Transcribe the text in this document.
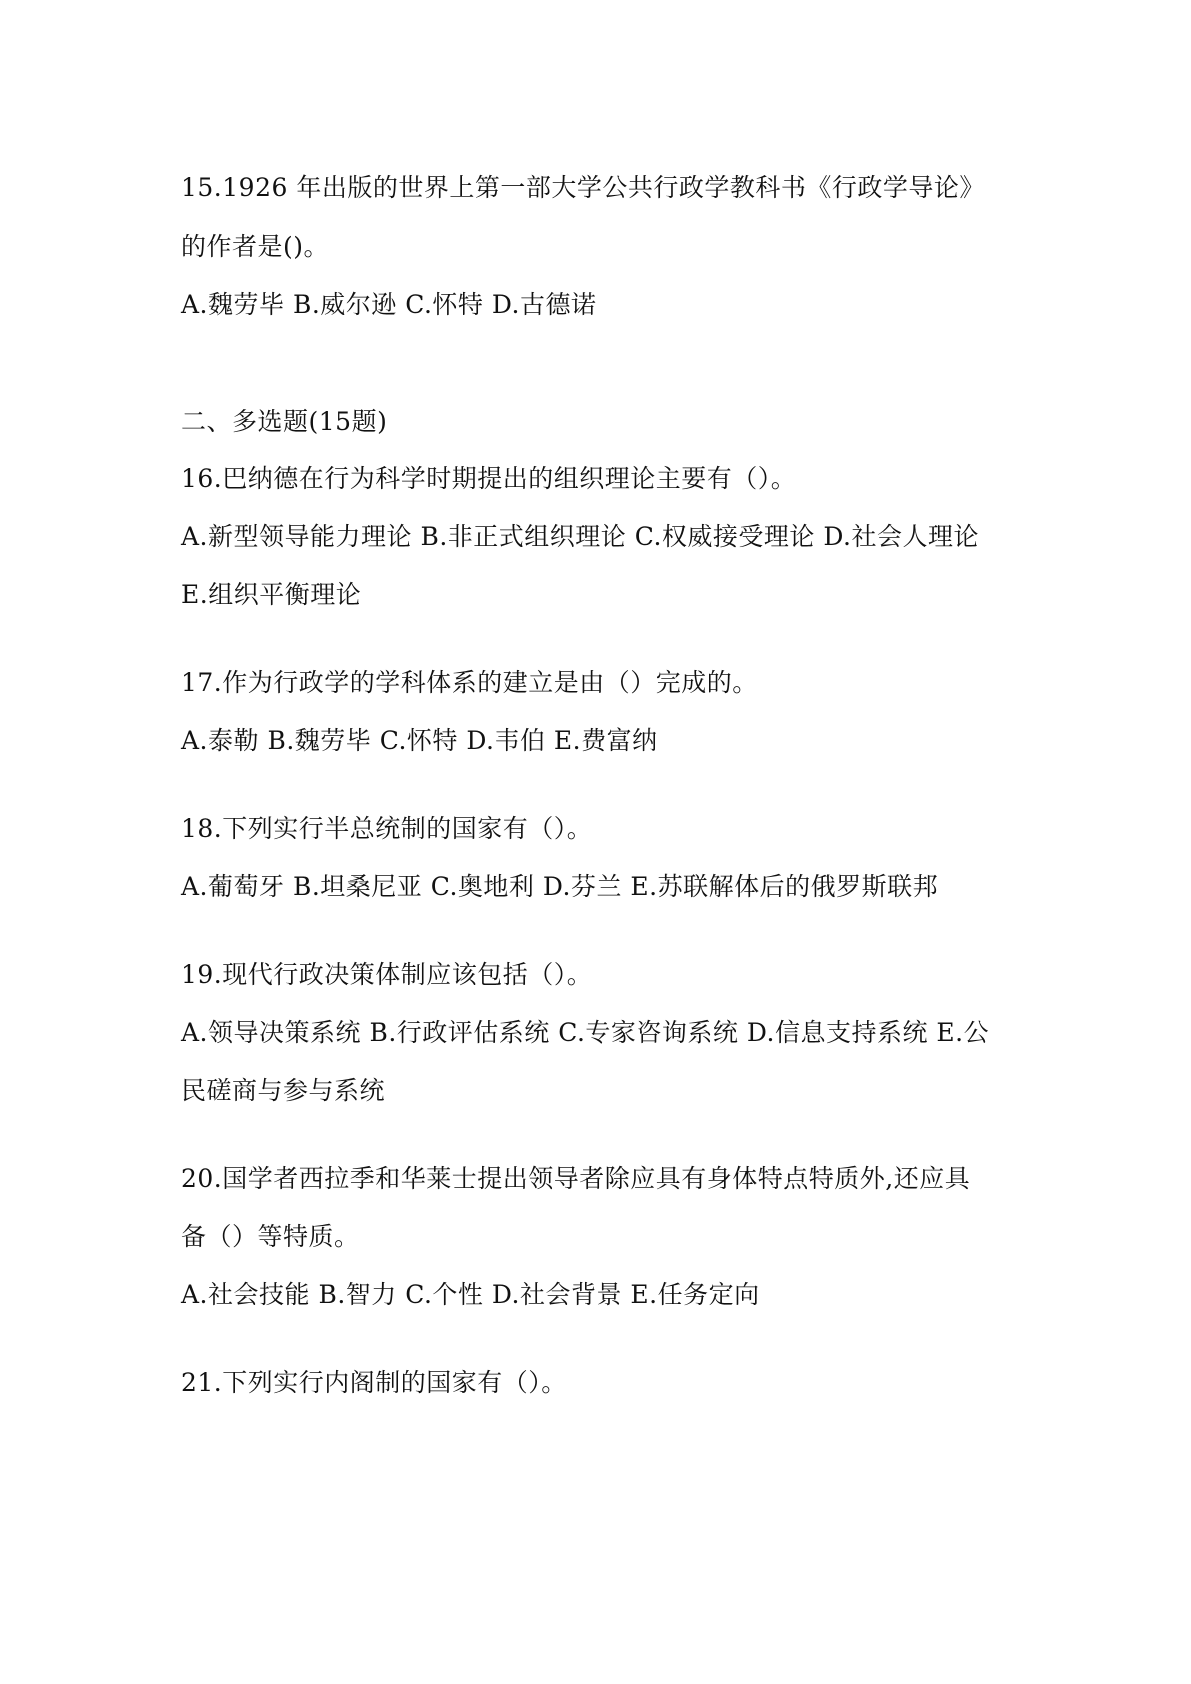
15.1926 年出版的世界上第一部大学公共行政学教科书《行政学导论》
的作者是()。
A.魏劳毕 B.威尔逊 C.怀特 D.古德诺
二、多选题(15题)
16.巴纳德在行为科学时期提出的组织理论主要有（）。
A.新型领导能力理论 B.非正式组织理论 C.权威接受理论 D.社会人理论
E.组织平衡理论
17.作为行政学的学科体系的建立是由（）完成的。
A.泰勒 B.魏劳毕 C.怀特 D.韦伯 E.费富纳
18.下列实行半总统制的国家有（）。
A.葡萄牙 B.坦桑尼亚 C.奥地利 D.芬兰 E.苏联解体后的俄罗斯联邦
19.现代行政决策体制应该包括（）。
A.领导决策系统 B.行政评估系统 C.专家咨询系统 D.信息支持系统 E.公
民磋商与参与系统
20.国学者西拉季和华莱士提出领导者除应具有身体特点特质外,还应具
备（）等特质。
A.社会技能 B.智力 C.个性 D.社会背景 E.任务定向
21.下列实行内阁制的国家有（）。
